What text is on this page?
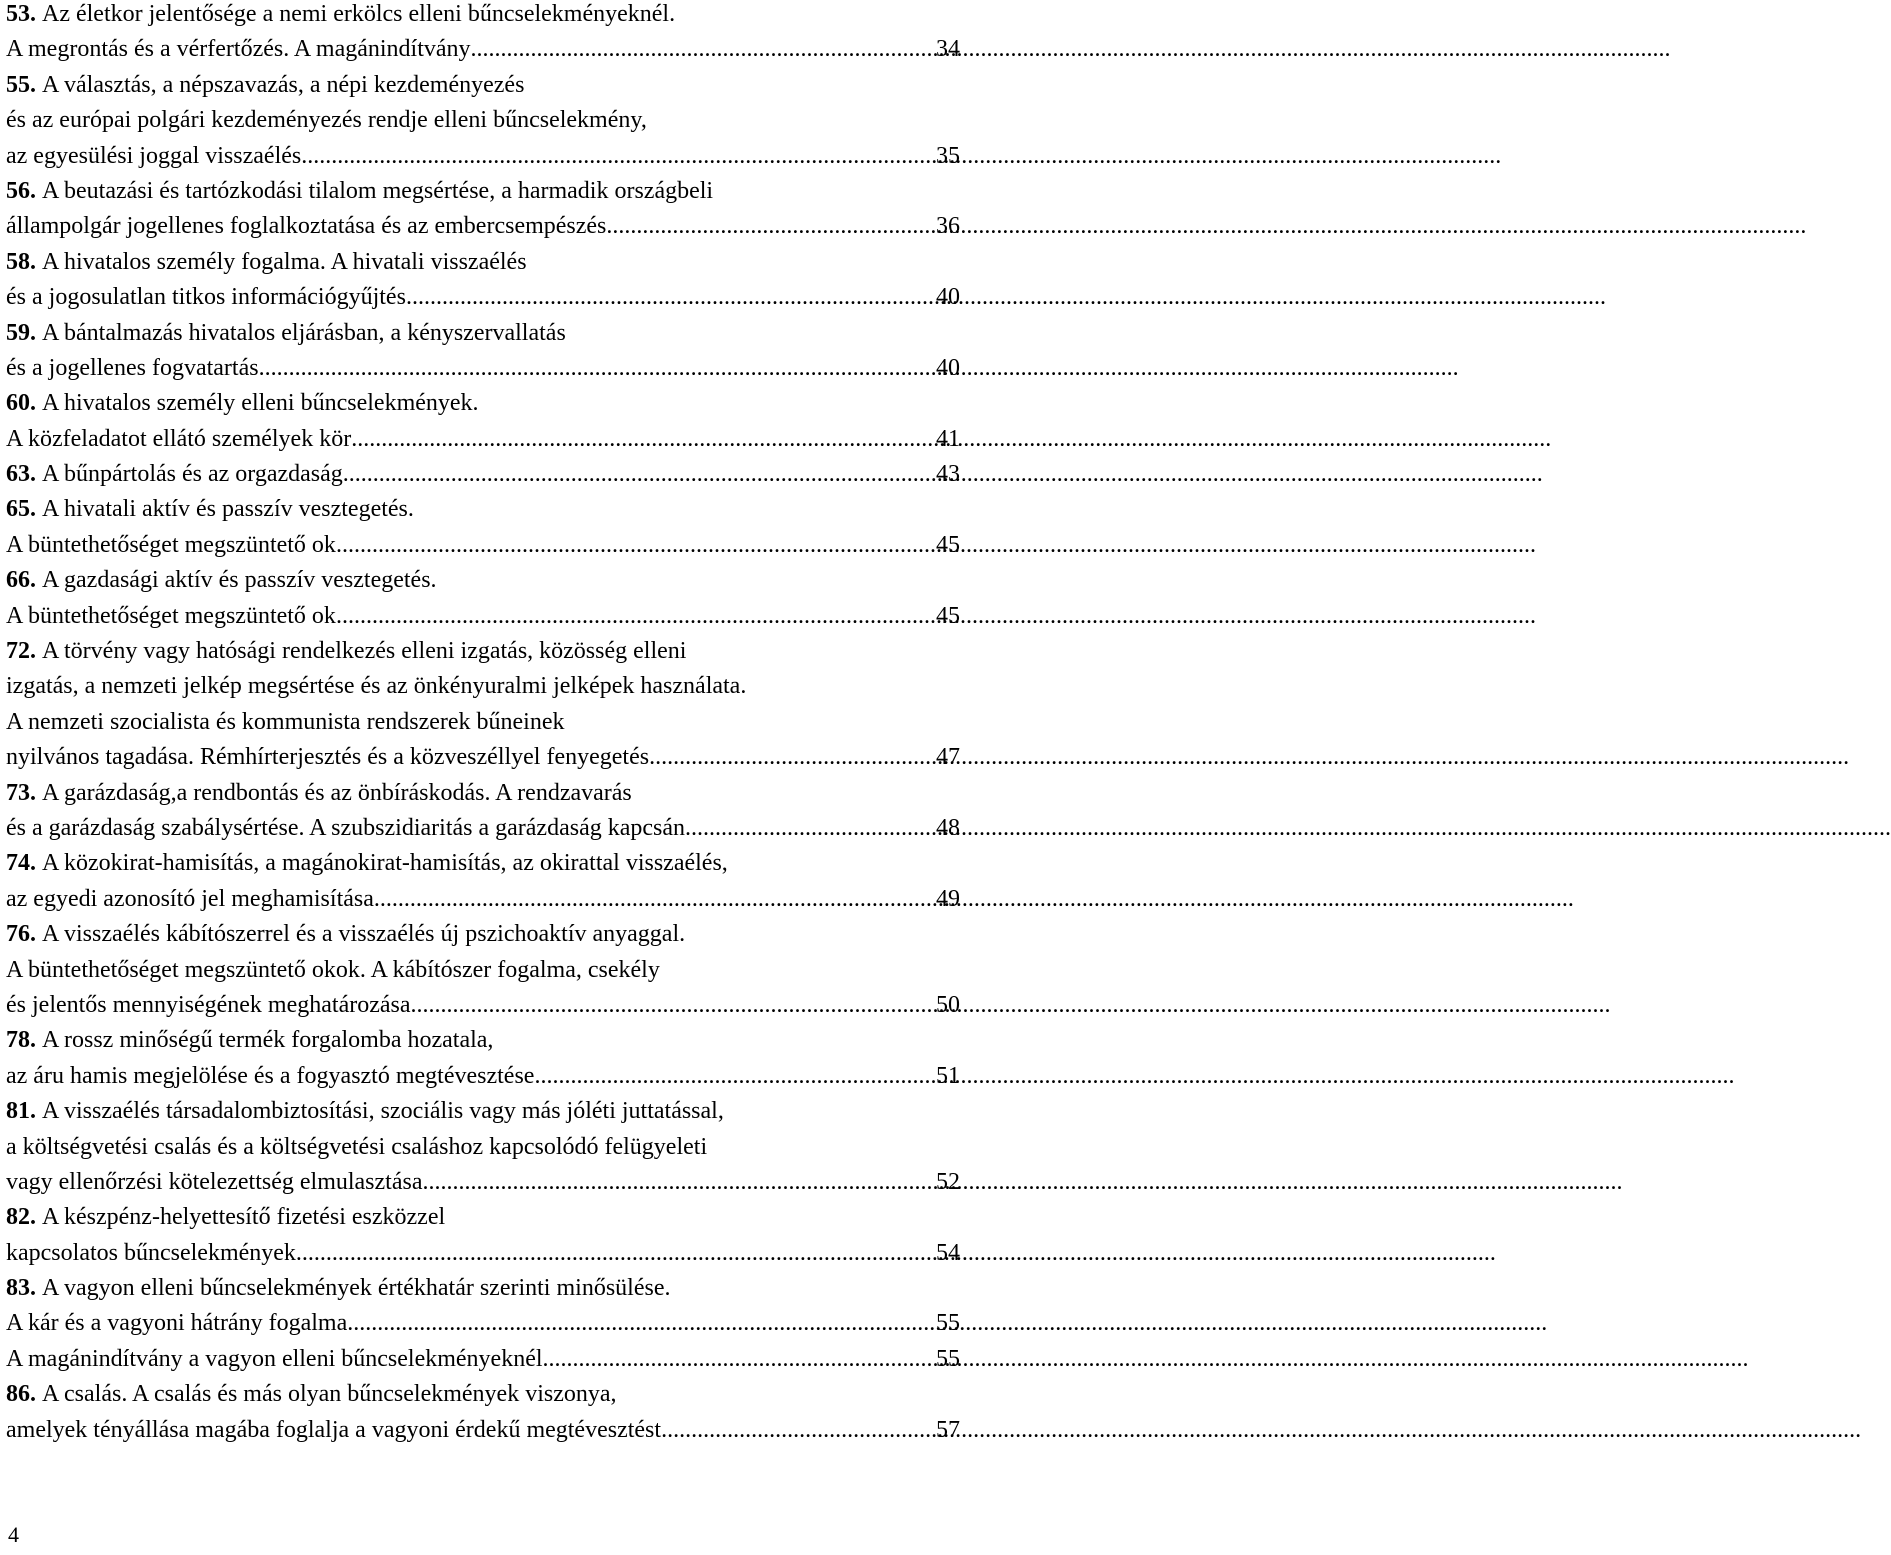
53. Az életkor jelentősége a nemi erkölcs elleni bűncselekményeknél.
A megrontás és a vérfertőzés. A magánindítvány .....	34
55. A választás, a népszavazás, a népi kezdeményezés
és az európai polgári kezdeményezés rendje elleni bűncselekmény,
az egyesülési joggal visszaélés .....	35
56. A beutazási és tartózkodási tilalom megsértése, a harmadik országbeli
állampolgár jogellenes foglalkoztatása és az embercsempészés .....	36
58. A hivatalos személy fogalma. A hivatali visszaélés
és a jogosulatlan titkos információgyűjtés .....	40
59. A bántalmazás hivatalos eljárásban, a kényszervallatás
és a jogellenes fogvatartás .....	40
60. A hivatalos személy elleni bűncselekmények.
A közfeladatot ellátó személyek kör .....	41
63. A bűnpártolás és az orgazdaság .....	43
65. A hivatali aktív és passzív vesztegetés.
A büntethetőséget megszüntető ok .....	45
66. A gazdasági aktív és passzív vesztegetés.
A büntethetőséget megszüntető ok .....	45
72. A törvény vagy hatósági rendelkezés elleni izgatás, közösség elleni
izgatás, a nemzeti jelkép megsértése és az önkényuralmi jelképek használata.
A nemzeti szocialista és kommunista rendszerek bűneinek
nyilvános tagadása. Rémhírterjesztés és a közveszéllyel fenyegetés .....	47
73. A garázdaság,a rendbontás és az önbíráskodás. A rendzavarás
és a garázdaság szabálysértése. A szubszidiaritás a garázdaság kapcsán. .....	48
74. A közokirat-hamisítás, a magánokirat-hamisítás, az okirattal visszaélés,
az egyedi azonosító jel meghamisítása .....	49
76. A visszaélés kábítószerrel és a visszaélés új pszichoaktív anyaggal.
A büntethetőséget megszüntető okok. A kábítószer fogalma, csekély
és jelentős mennyiségének meghatározása .....	50
78. A rossz minőségű termék forgalomba hozatala,
az áru hamis megjelölése és a fogyasztó megtévesztése .....	51
81. A visszaélés társadalombiztosítási, szociális vagy más jóléti juttatással,
a költségvetési csalás és a költségvetési csaláshoz kapcsolódó felügyeleti
vagy ellenőrzési kötelezettség elmulasztása .....	52
82. A készpénz-helyettesítő fizetési eszközzel
kapcsolatos bűncselekmények .....	54
83. A vagyon elleni bűncselekmények értékhatár szerinti minősülése.
A kár és a vagyoni hátrány fogalma .....	55
A magánindítvány a vagyon elleni bűncselekményeknél. .....	55
86. A csalás. A csalás és más olyan bűncselekmények viszonya,
amelyek tényállása magába foglalja a vagyoni érdekű megtévesztést .....	57
4
